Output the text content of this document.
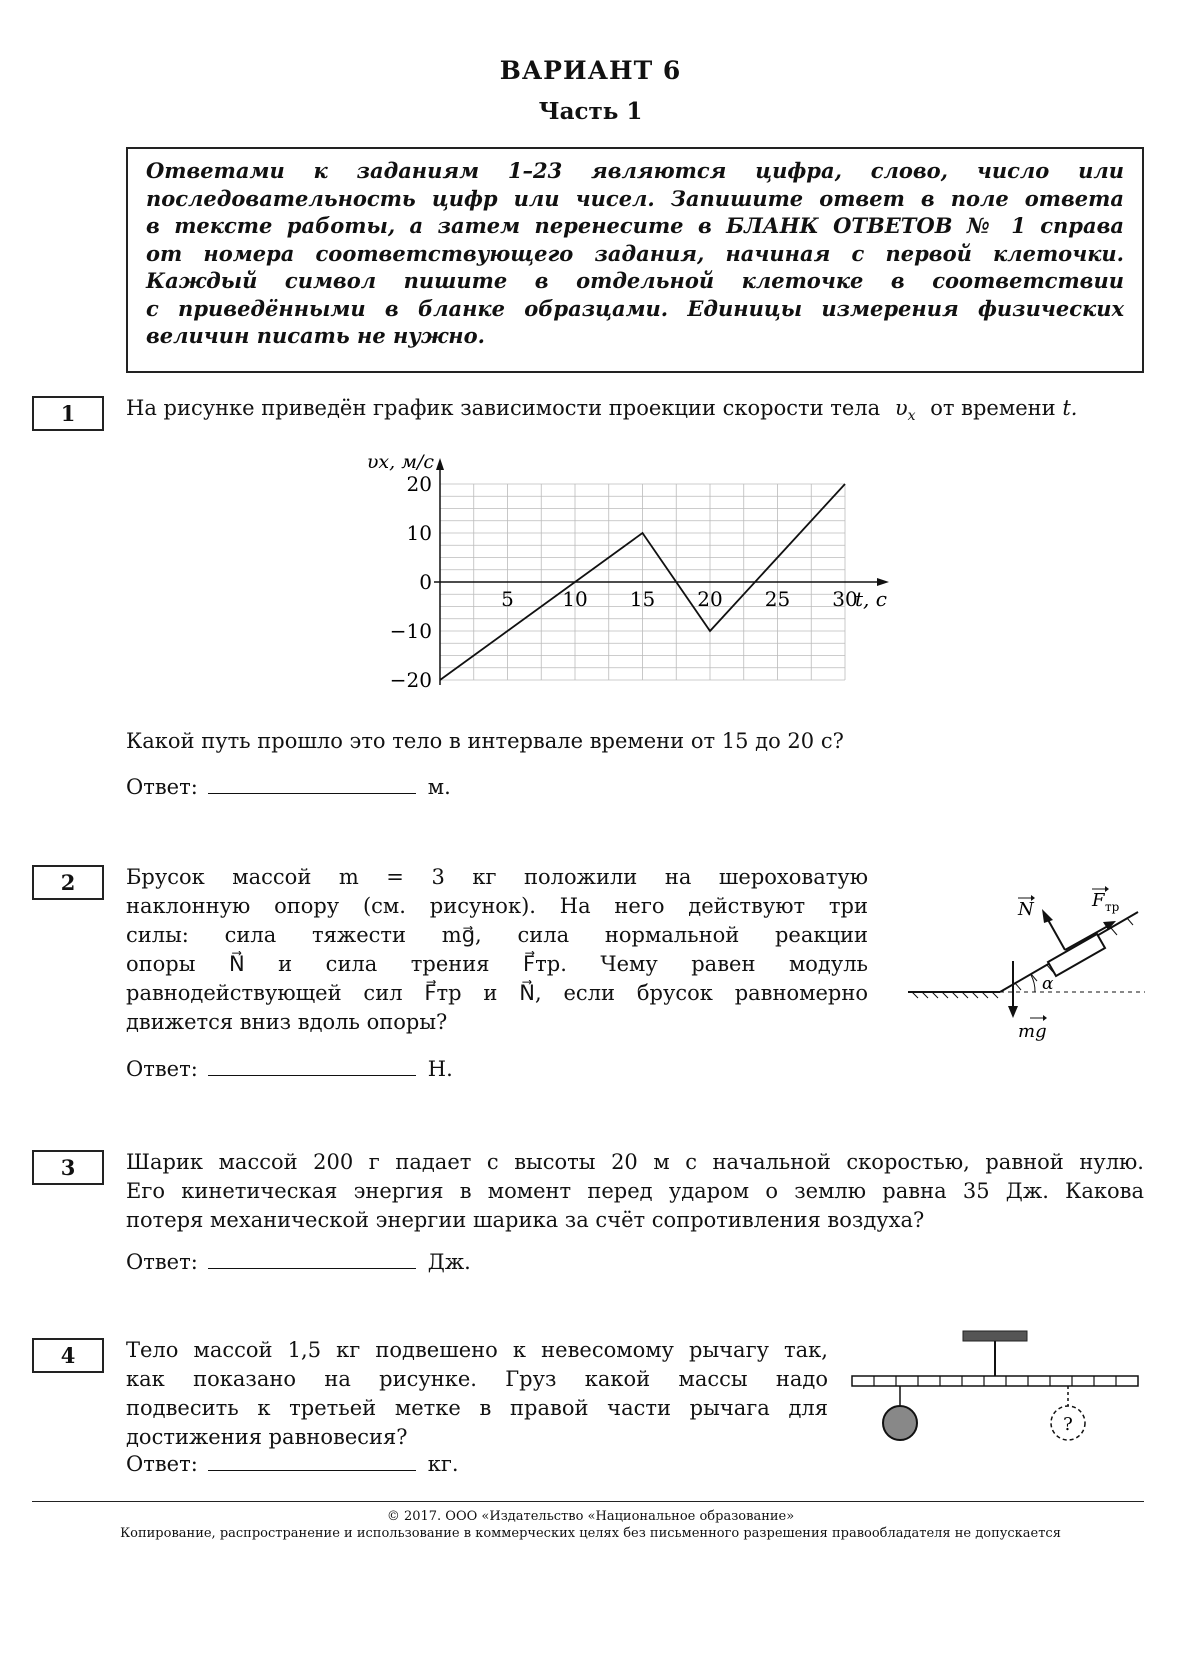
ВАРИАНТ 6
Часть 1

Ответами к заданиям 1–23 являются цифра, слово, число или

последовательность цифр или чисел. Запишите ответ в поле ответа

в тексте работы, а затем перенесите в БЛАНК ОТВЕТОВ № 1 справа

от номера соответствующего задания, начиная с первой клеточки.

Каждый символ пишите в отдельной клеточке в соответствии

с приведёнными в бланке образцами. Единицы измерения физических

величин писать не нужно.

1	На рисунке приведён график зависимости проекции скорости тела $\upsilon_x$ от времени t.
5 10 15 20 25 30
20
10
0
−10
−20
t, c
υx, м/с
Какой путь прошло это тело в интервале времени от 15 до 20 с?
Ответ:	м.
2	Брусок массой m = 3 кг положили на шероховатую

наклонную опору (см. рисунок). На него действуют три

силы: сила тяжести mg⃗, сила нормальной реакции

опоры N⃗ и сила трения F⃗тр. Чему равен модуль

равнодействующей сил F⃗тр и N⃗, если брусок равномерно

движется вниз вдоль опоры?

α
N	F тр
mg
Ответ:	Н.
3	Шарик массой 200 г падает с высоты 20 м с начальной скоростью, равной нулю.

Его кинетическая энергия в момент перед ударом о землю равна 35 Дж. Какова

потеря механической энергии шарика за счёт сопротивления воздуха?

Ответ:	Дж.
4	Тело массой 1,5 кг подвешено к невесомому рычагу так,

как показано на рисунке. Груз какой массы надо

подвесить к третьей метке в правой части рычага для

достижения равновесия?

?
Ответ:	кг.
© 2017. ООО «Издательство «Национальное образование»
Копирование, распространение и использование в коммерческих целях без письменного разрешения правообладателя не допускается
